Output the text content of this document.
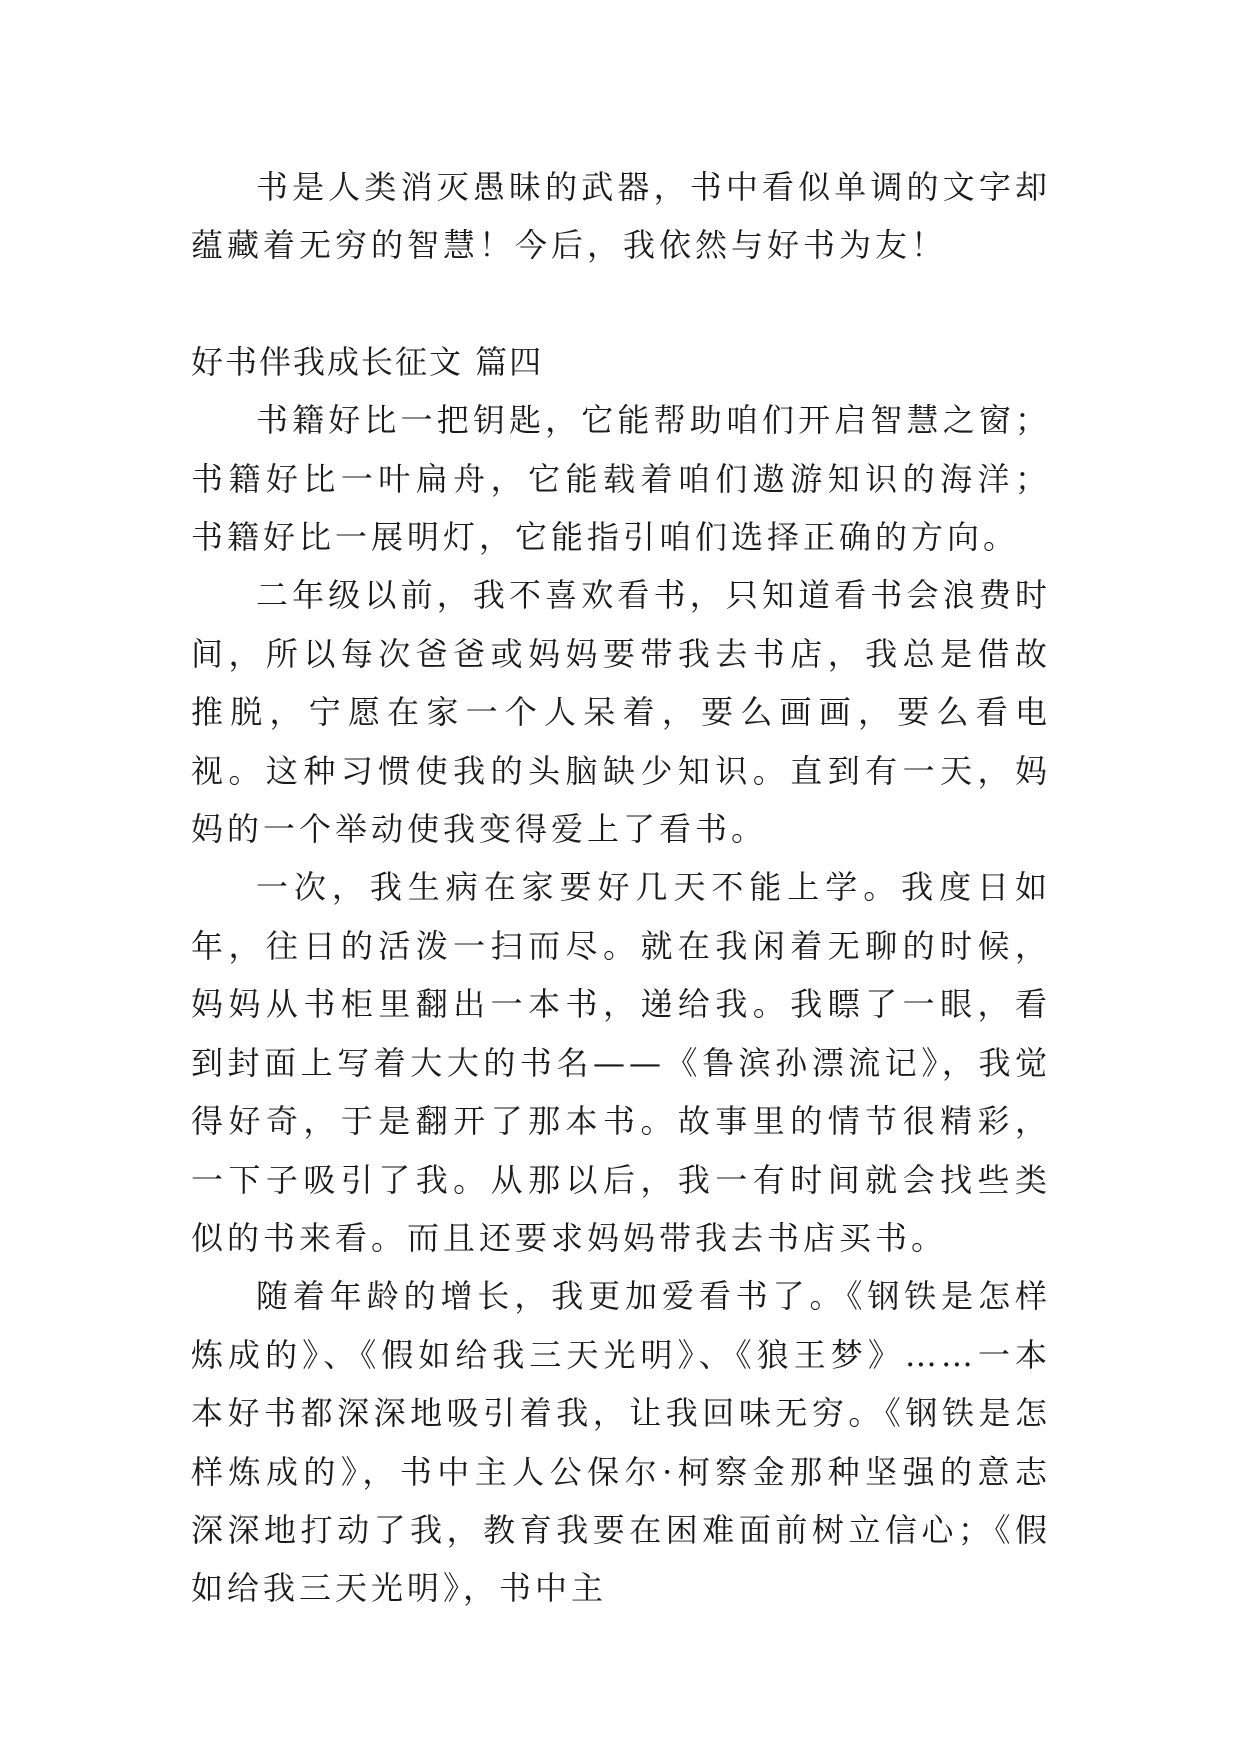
书是人类消灭愚昧的武器，书中看似单调的文字却蕴藏着无穷的智慧！今后，我依然与好书为友！

好书伴我成长征文 篇四

书籍好比一把钥匙，它能帮助咱们开启智慧之窗；书籍好比一叶扁舟，它能载着咱们遨游知识的海洋；书籍好比一展明灯，它能指引咱们选择正确的方向。

二年级以前，我不喜欢看书，只知道看书会浪费时间，所以每次爸爸或妈妈要带我去书店，我总是借故推脱，宁愿在家一个人呆着，要么画画，要么看电视。这种习惯使我的头脑缺少知识。直到有一天，妈妈的一个举动使我变得爱上了看书。

一次，我生病在家要好几天不能上学。我度日如年，往日的活泼一扫而尽。就在我闲着无聊的时候，妈妈从书柜里翻出一本书，递给我。我瞟了一眼，看到封面上写着大大的书名——《鲁滨孙漂流记》，我觉得好奇，于是翻开了那本书。故事里的情节很精彩，一下子吸引了我。从那以后，我一有时间就会找些类似的书来看。而且还要求妈妈带我去书店买书。

随着年龄的增长，我更加爱看书了。《钢铁是怎样炼成的》、《假如给我三天光明》、《狼王梦》……一本本好书都深深地吸引着我，让我回味无穷。《钢铁是怎样炼成的》，书中主人公保尔·柯察金那种坚强的意志深深地打动了我，教育我要在困难面前树立信心；《假如给我三天光明》，书中主
